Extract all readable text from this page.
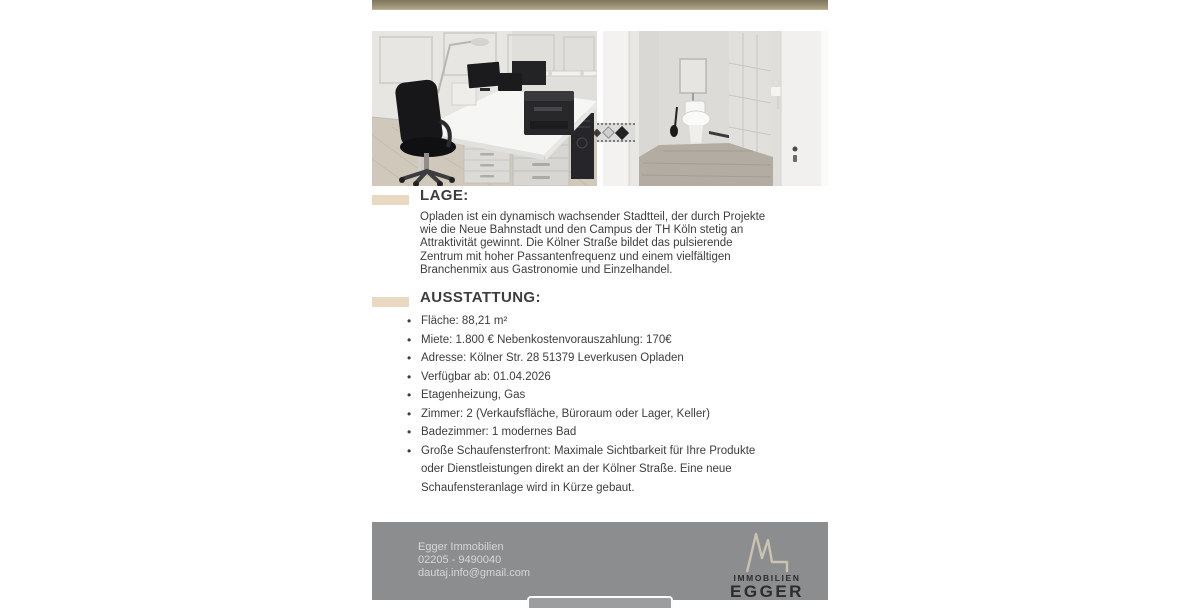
LAGE:

Opladen ist ein dynamisch wachsender Stadtteil, der durch Projekte wie die Neue Bahnstadt und den Campus der TH Köln stetig an Attraktivität gewinnt. Die Kölner Straße bildet das pulsierende Zentrum mit hoher Passantenfrequenz und einem vielfältigen Branchenmix aus Gastronomie und Einzelhandel.

AUSSTATTUNG:
• Fläche: 88,21 m²
• Miete: 1.800 € Nebenkostenvorauszahlung: 170€
• Adresse: Kölner Str. 28 51379 Leverkusen Opladen
• Verfügbar ab: 01.04.2026
• Etagenheizung, Gas
• Zimmer: 2 (Verkaufsfläche, Büroraum oder Lager, Keller)
• Badezimmer: 1 modernes Bad
• Große Schaufensterfront: Maximale Sichtbarkeit für Ihre Produkte oder Dienstleistungen direkt an der Kölner Straße. Eine neue Schaufensteranlage wird in Kürze gebaut.
Egger Immobilien
02205 - 9490040
dautaj.info@gmail.com	IMMOBILIEN
EGGER
